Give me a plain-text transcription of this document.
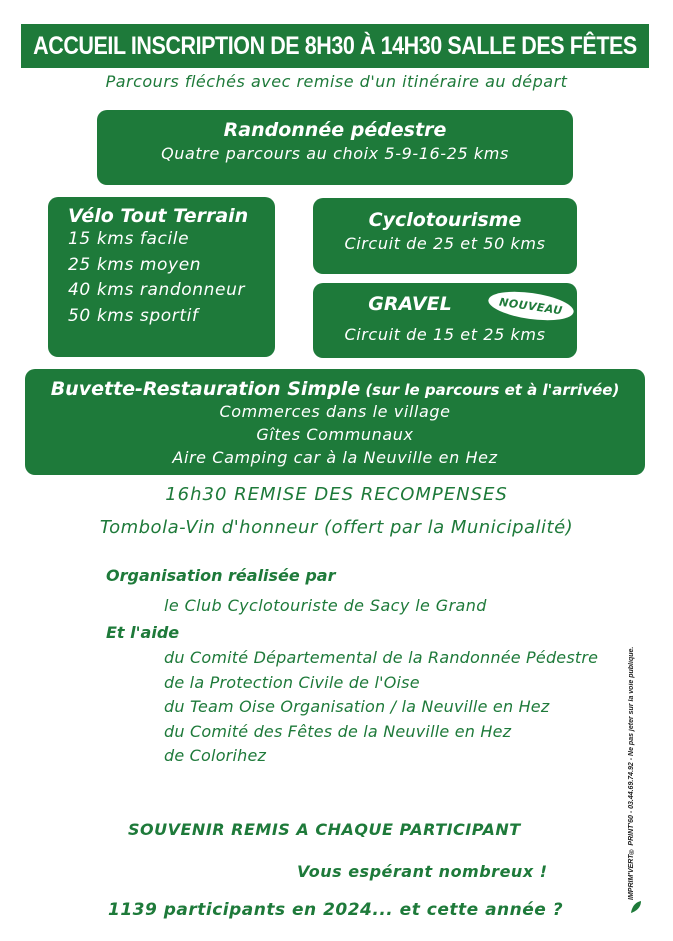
ACCUEIL INSCRIPTION DE 8H30 À 14H30 SALLE DES FÊTES
Parcours fléchés avec remise d'un itinéraire au départ
Randonnée pédestre
Quatre parcours au choix 5-9-16-25 kms
Vélo Tout Terrain
15 kms facile
25 kms moyen
40 kms randonneur
50 kms sportif
Cyclotourisme
Circuit de 25 et 50 kms
GRAVEL	NOUVEAU
Circuit de 15 et 25 kms
Buvette-Restauration Simple (sur le parcours et à l'arrivée)
Commerces dans le village
Gîtes Communaux
Aire Camping car à la Neuville en Hez
16h30 REMISE DES RECOMPENSES
Tombola-Vin d'honneur (offert par la Municipalité)
Organisation réalisée par
le Club Cyclotouriste de Sacy le Grand
Et l'aide
du Comité Départemental de la Randonnée Pédestre
de la Protection Civile de l'Oise
du Team Oise Organisation / la Neuville en Hez
du Comité des Fêtes de la Neuville en Hez
de Colorihez
SOUVENIR REMIS A CHAQUE PARTICIPANT
Vous espérant nombreux !
1139 participants en 2024... et cette année ?
IMPRIM'VERT® PRINT'60 - 03.44.69.74.92 - Ne pas jeter sur la voie publique.
